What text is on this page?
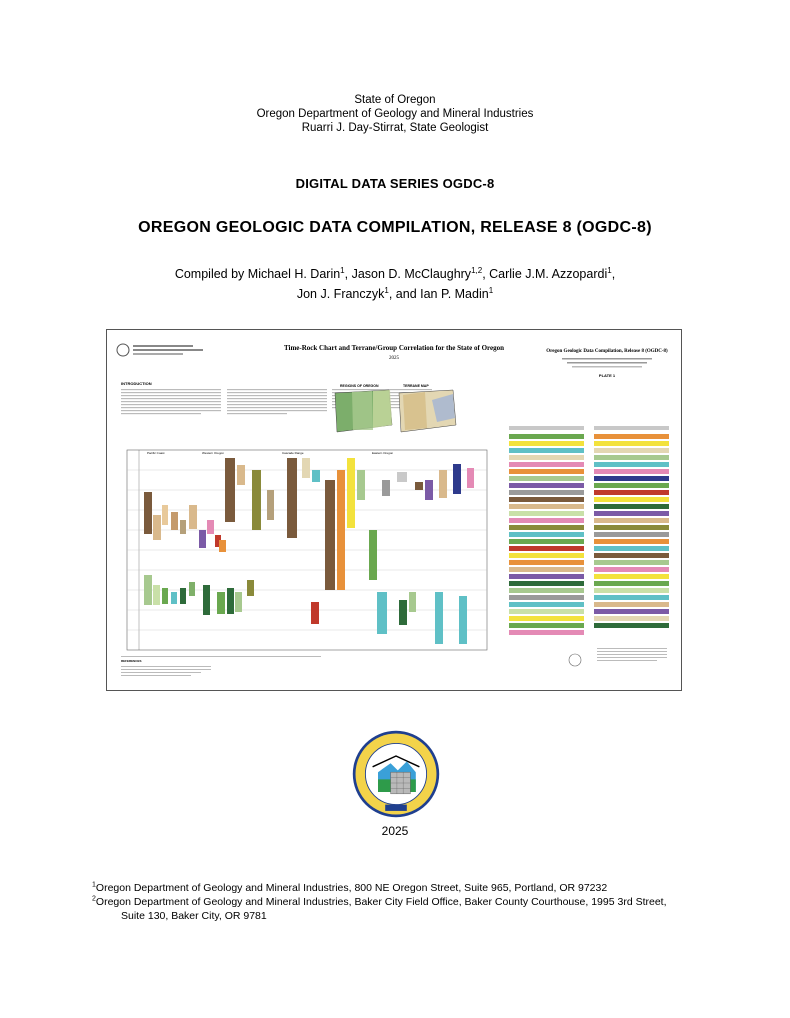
State of Oregon
Oregon Department of Geology and Mineral Industries
Ruarri J. Day-Stirrat, State Geologist
DIGITAL DATA SERIES OGDC-8
OREGON GEOLOGIC DATA COMPILATION, RELEASE 8 (OGDC-8)
Compiled by Michael H. Darin$^1$, Jason D. McClaughry$^{1,2}$, Carlie J.M. Azzopardi$^1$,
Jon J. Franczyk$^1$, and Ian P. Madin$^1$
Time-Rock Chart and Terrane/Group Correlation for the State of Oregon
2025
Oregon Geologic Data Compilation, Release 8 (OGDC-8)
PLATE 1
INTRODUCTION	REGIONS OF OREGON	TERRANE MAP
Pacific Coast	Western Oregon	Cascade Range	Eastern Oregon
REFERENCES
2025
$^1$Oregon Department of Geology and Mineral Industries, 800 NE Oregon Street, Suite 965, Portland, OR 97232
$^2$Oregon Department of Geology and Mineral Industries, Baker City Field Office, Baker County Courthouse, 1995 3rd Street,
Suite 130, Baker City, OR 9781
